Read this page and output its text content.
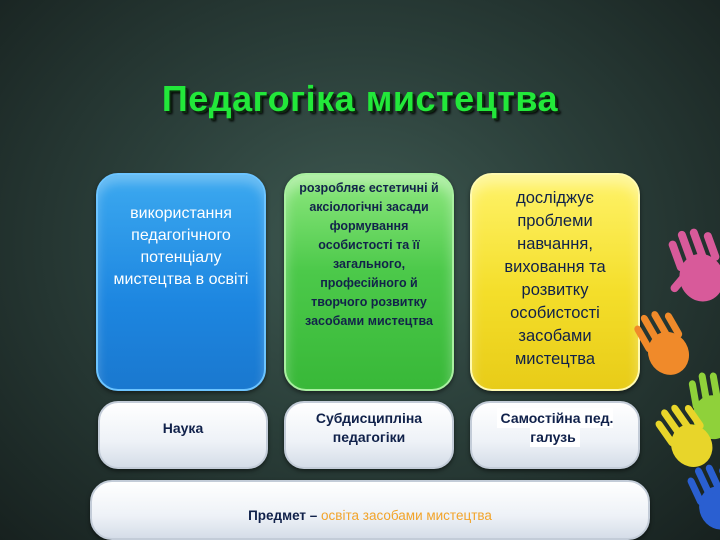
Педагогіка мистецтва
використання педагогічного потенціалу мистецтва в освіті
розробляє естетичні й аксіологічні засади формування особистості та її загального, професійного й творчого розвитку засобами мистецтва
досліджує проблеми навчання, виховання та розвитку особистості засобами мистецтва
Наука
Субдисципліна педагогіки
Самостійна пед. галузь
Предмет – освіта засобами мистецтва
